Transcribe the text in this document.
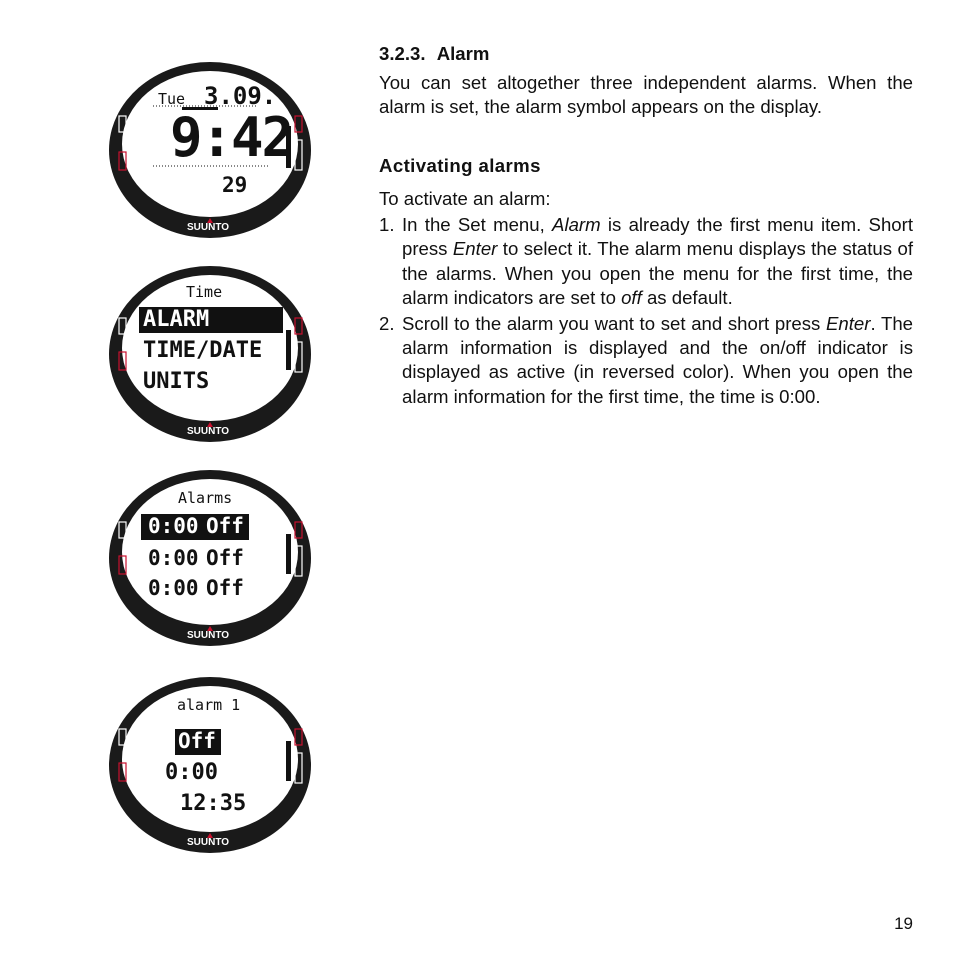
Tue 3.09.
9:42
29
SUUNTO
Time
ALARM
TIME/DATE
UNITS
SUUNTO
Alarms
0:00 Off
0:00 Off
0:00 Off
SUUNTO
alarm 1
Off
0:00
12:35
SUUNTO
3.2.3. Alarm

You can set altogether three independent alarms. When the alarm is set, the alarm symbol appears on the display.

Activating alarms
To activate an alarm:
1. In the Set menu, Alarm is already the first menu item. Short press Enter to select it. The alarm menu displays the status of the alarms. When you open the menu for the first time, the alarm indicators are set to off as default.
2. Scroll to the alarm you want to set and short press Enter. The alarm information is displayed and the on/off indicator is displayed as active (in reversed color). When you open the alarm information for the first time, the time is 0:00.
19
